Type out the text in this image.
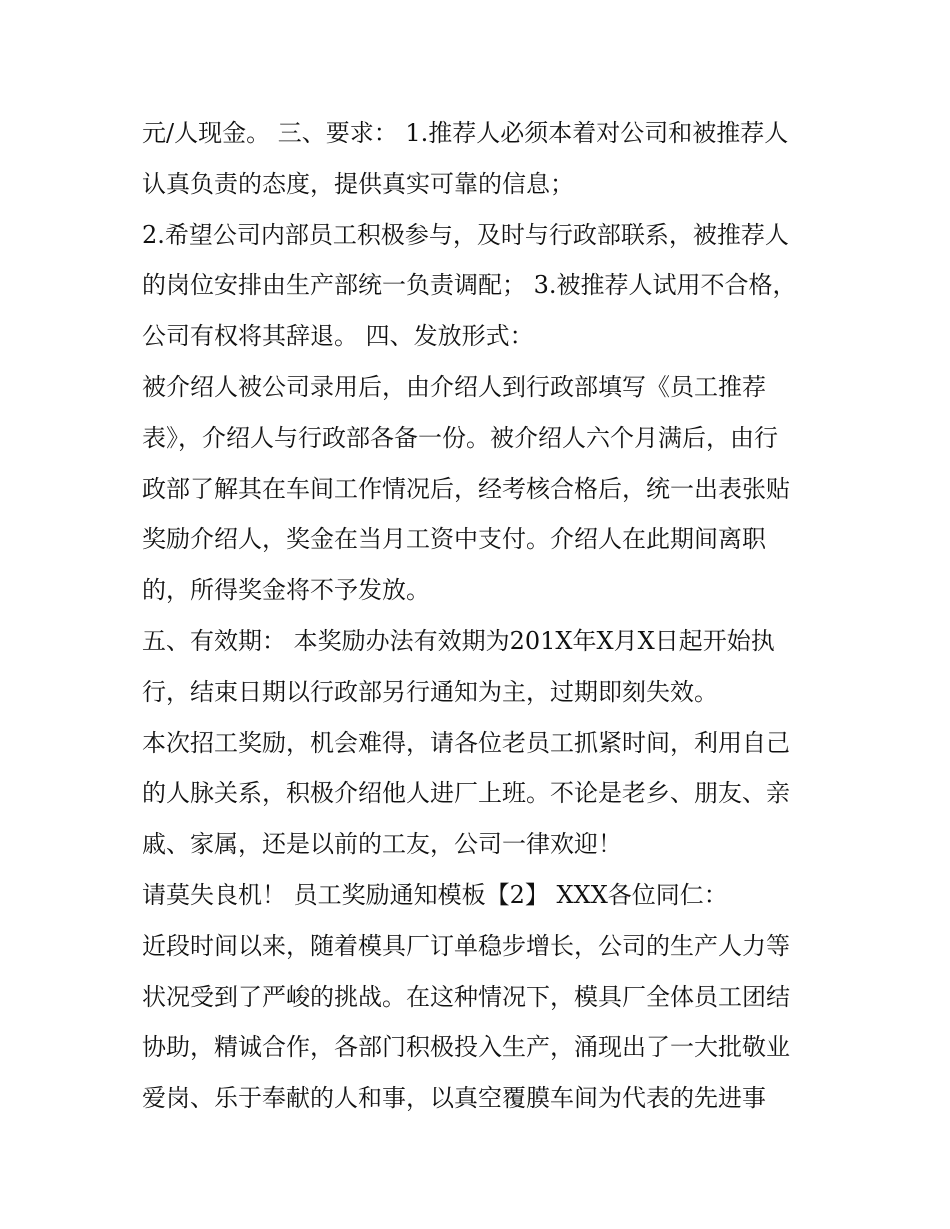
元/人现金。 三、要求： 1.推荐人必须本着对公司和被推荐人
认真负责的态度，提供真实可靠的信息；
2.希望公司内部员工积极参与，及时与行政部联系，被推荐人
的岗位安排由生产部统一负责调配； 3.被推荐人试用不合格，
公司有权将其辞退。 四、发放形式：
被介绍人被公司录用后，由介绍人到行政部填写《员工推荐
表》，介绍人与行政部各备一份。被介绍人六个月满后，由行
政部了解其在车间工作情况后，经考核合格后，统一出表张贴
奖励介绍人，奖金在当月工资中支付。介绍人在此期间离职
的，所得奖金将不予发放。
五、有效期： 本奖励办法有效期为201X年X月X日起开始执
行，结束日期以行政部另行通知为主，过期即刻失效。
本次招工奖励，机会难得，请各位老员工抓紧时间，利用自己
的人脉关系，积极介绍他人进厂上班。不论是老乡、朋友、亲
戚、家属，还是以前的工友，公司一律欢迎！
请莫失良机！ 员工奖励通知模板【2】 XXX各位同仁：
近段时间以来，随着模具厂订单稳步增长，公司的生产人力等
状况受到了严峻的挑战。在这种情况下，模具厂全体员工团结
协助，精诚合作，各部门积极投入生产，涌现出了一大批敬业
爱岗、乐于奉献的人和事，以真空覆膜车间为代表的先进事
